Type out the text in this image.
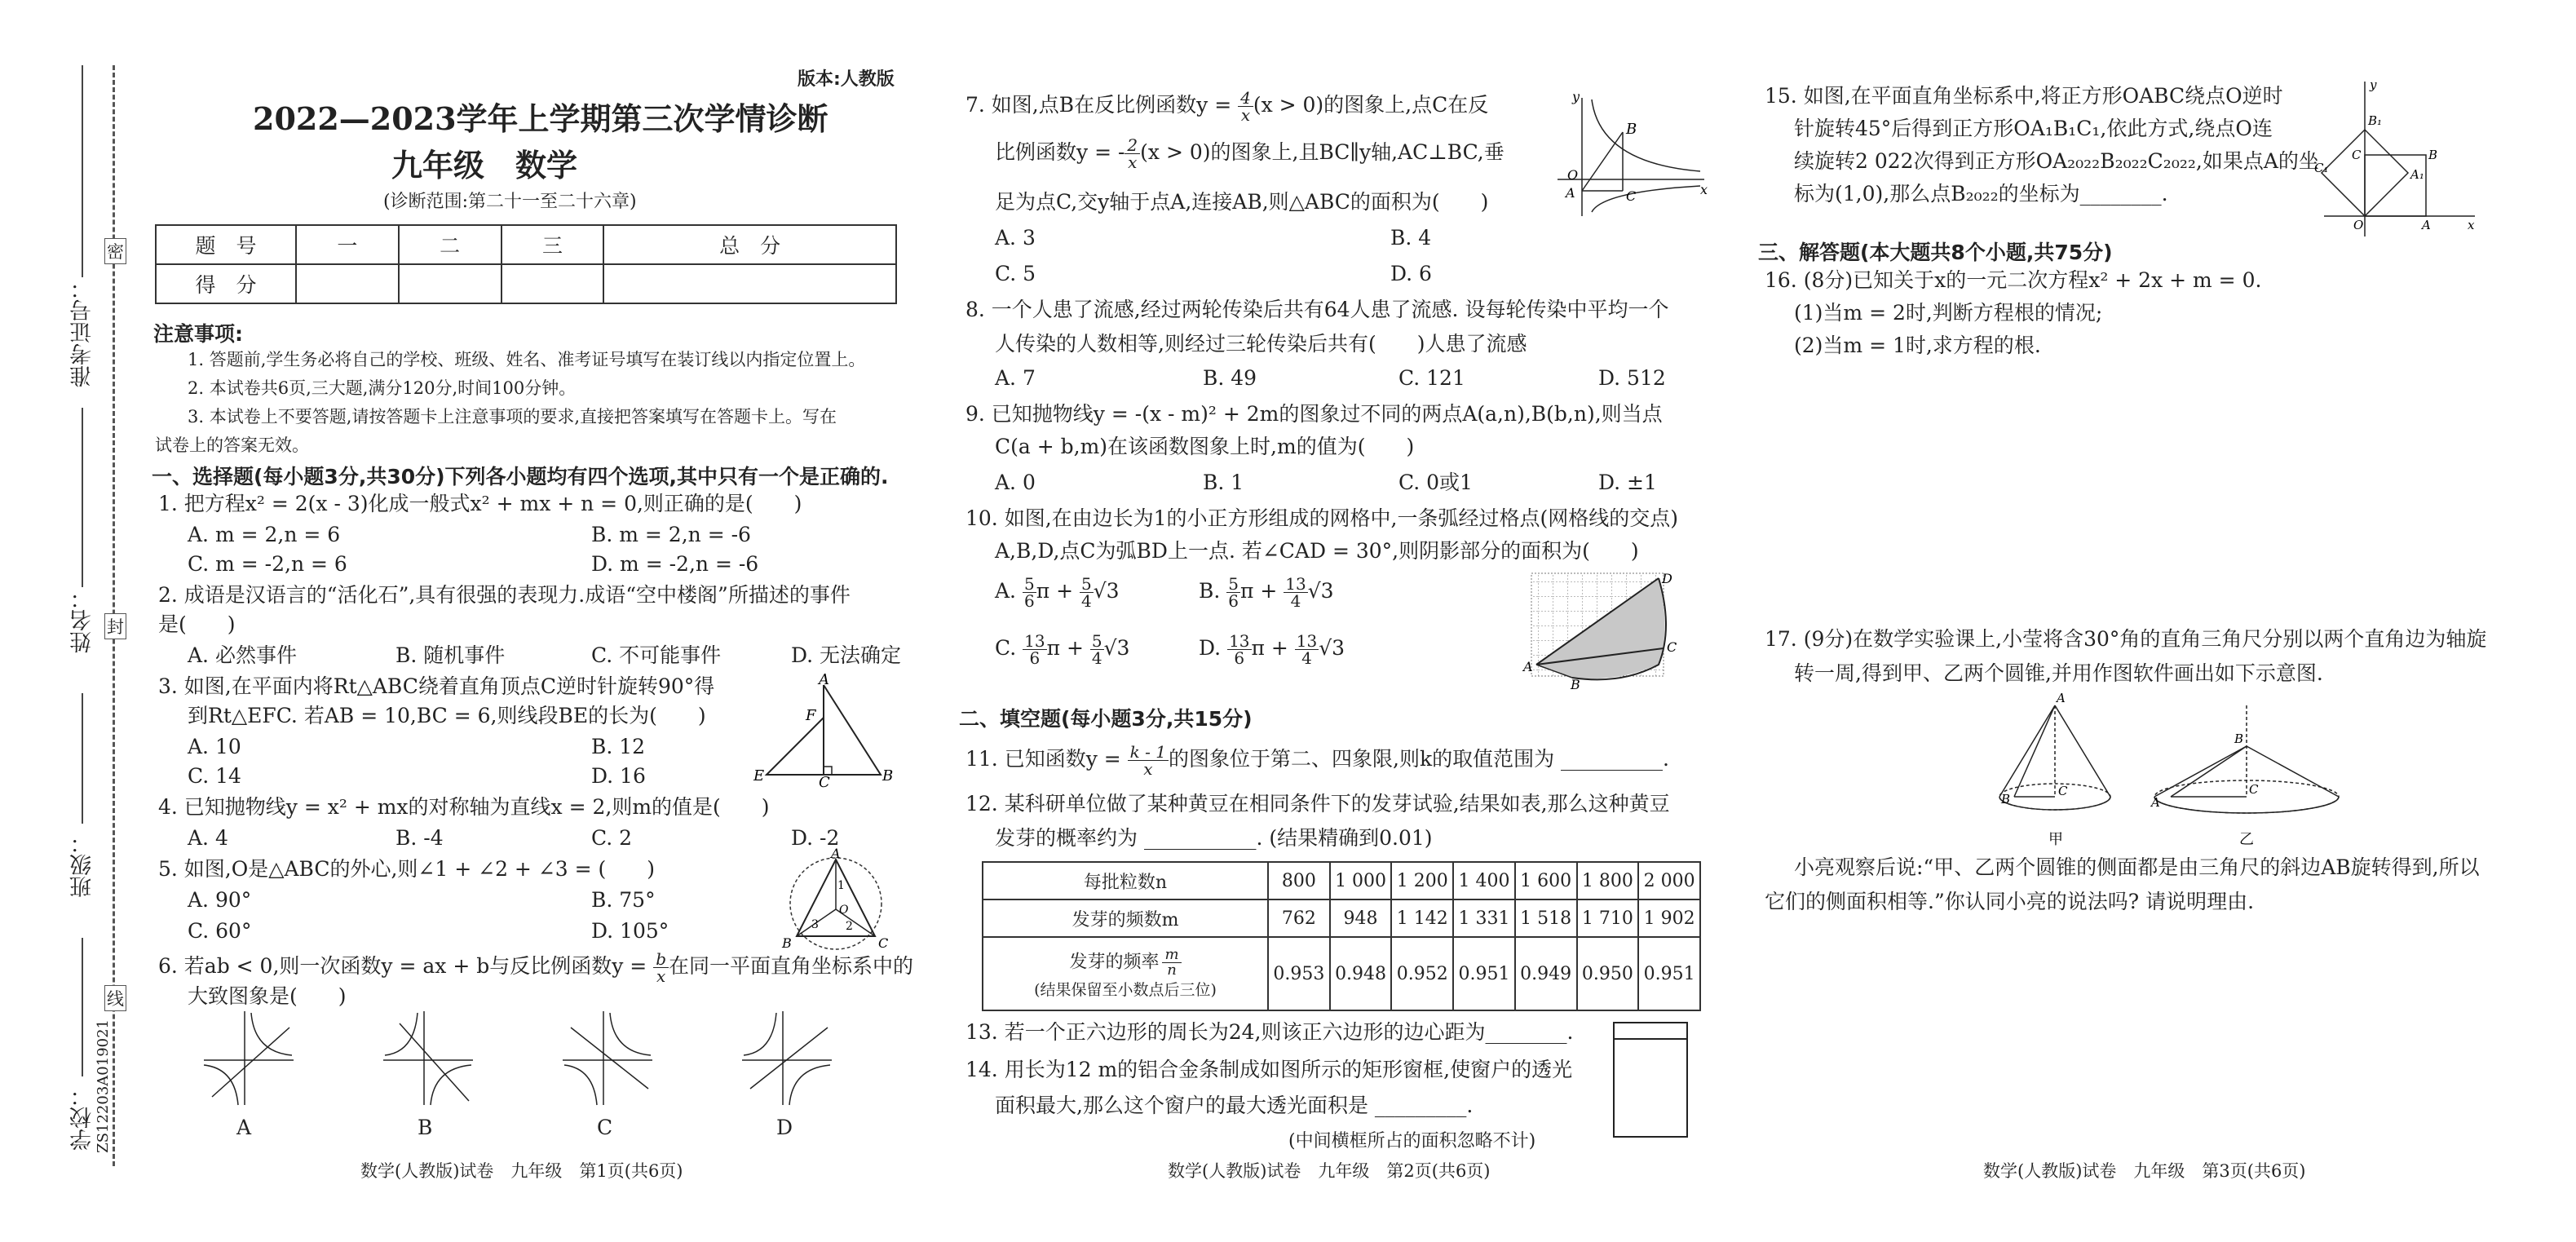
准考证号：
姓名：
班级：
学校： ZS12203A019021
密
封
线
版本:人教版
2022—2023学年上学期第三次学情诊断
九年级　数学
(诊断范围:第二十一至二十六章)
题　号	一	二	三	总　分
得　分				
注意事项:
1. 答题前,学生务必将自己的学校、班级、姓名、准考证号填写在装订线以内指定位置上。
2. 本试卷共6页,三大题,满分120分,时间100分钟。
3. 本试卷上不要答题,请按答题卡上注意事项的要求,直接把答案填写在答题卡上。写在
试卷上的答案无效。
一、选择题(每小题3分,共30分)下列各小题均有四个选项,其中只有一个是正确的.
1. 把方程x² = 2(x - 3)化成一般式x² + mx + n = 0,则正确的是(　　)
A. m = 2,n = 6	B. m = 2,n = -6
C. m = -2,n = 6	D. m = -2,n = -6
2. 成语是汉语言的“活化石”,具有很强的表现力.成语“空中楼阁”所描述的事件
是(　　)
A. 必然事件	B. 随机事件	C. 不可能事件	D. 无法确定
3. 如图,在平面内将Rt△ABC绕着直角顶点C逆时针旋转90°得
到Rt△EFC. 若AB = 10,BC = 6,则线段BE的长为(　　)
A. 10	B. 12
C. 14	D. 16
A
F
E	C	B
4. 已知抛物线y = x² + mx的对称轴为直线x = 2,则m的值是(　　)
A. 4	B. -4	C. 2	D. -2
5. 如图,O是△ABC的外心,则∠1 + ∠2 + ∠3 = (　　)
A. 90°	B. 75°
C. 60°	D. 105°
A
B	C
O
1
2
3
6. 若ab < 0,则一次函数y = ax + b与反比例函数$y = \frac{b}{x}$ 在同一平面直角坐标系中的
大致图象是(　　)
A	B	C	D
数学(人教版)试卷　九年级　第1页(共6页)
7. 如图,点B在反比例函数$y = \frac{4}{x} (x > 0)$的图象上,点C在反
比例函数y = - $\frac{2}{x} (x > 0)$的图象上,且BC∥y轴,AC⊥BC,垂
足为点C,交y轴于点A,连接AB,则△ABC的面积为(　　)
A. 3	B. 4
C. 5	D. 6
y
B
O
A	C	x
8. 一个人患了流感,经过两轮传染后共有64人患了流感. 设每轮传染中平均一个
人传染的人数相等,则经过三轮传染后共有(　　)人患了流感
A. 7	B. 49	C. 121	D. 512
9. 已知抛物线y = -(x - m)² + 2m的图象过不同的两点A(a,n),B(b,n),则当点
C(a + b,m)在该函数图象上时,m的值为(　　)
A. 0	B. 1	C. 0或1	D. ±1
10. 如图,在由边长为1的小正方形组成的网格中,一条弧经过格点(网格线的交点)
A,B,D,点C为弧BD上一点. 若∠CAD = 30°,则阴影部分的面积为(　　)
A. $\frac{5}{6}$ $\pi + \frac{5}{4} √3$	B. $\frac{5}{6}$ $\pi + \frac{13}{4} √3$
C. $\frac{13}{6}$ $\pi + \frac{5}{4} √3$	D. $\frac{13}{6}$ $\pi + \frac{13}{4} √3$
D
A
B
C
二、填空题(每小题3分,共15分)
11. 已知函数$y = \frac{k - 1}{x}$ 的图象位于第二、四象限,则k的取值范围为 __________.
12. 某科研单位做了某种黄豆在相同条件下的发芽试验,结果如表,那么这种黄豆
发芽的概率约为 ___________. (结果精确到0.01)
每批粒数n	800	1 000	1 200	1 400	1 600	1 800	2 000
发芽的频数m	762	948	1 142	1 331	1 518	1 710	1 902

发芽的频率 $\frac{m}{n}$
(结果保留至小数点后三位)	0.953	0.948	0.952	0.951	0.949	0.950	0.951
13. 若一个正六边形的周长为24,则该正六边形的边心距为________.
14. 用长为12 m的铝合金条制成如图所示的矩形窗框,使窗户的透光
面积最大,那么这个窗户的最大透光面积是 _________.
(中间横框所占的面积忽略不计)
数学(人教版)试卷　九年级　第2页(共6页)
15. 如图,在平面直角坐标系中,将正方形OABC绕点O逆时
针旋转45°后得到正方形OA₁B₁C₁,依此方式,绕点O连
续旋转2 022次得到正方形OA₂₀₂₂B₂₀₂₂C₂₀₂₂,如果点A的坐
标为(1,0),那么点B₂₀₂₂的坐标为________.
y
B₁
C₁
C	B
A₁
O	A	x
三、解答题(本大题共8个小题,共75分)
16. (8分)已知关于x的一元二次方程x² + 2x + m = 0.
(1)当m = 2时,判断方程根的情况;
(2)当m = 1时,求方程的根.
17. (9分)在数学实验课上,小莹将含30°角的直角三角尺分别以两个直角边为轴旋
转一周,得到甲、乙两个圆锥,并用作图软件画出如下示意图.
A
B
C
甲
A
B
C
乙
小亮观察后说:“甲、乙两个圆锥的侧面都是由三角尺的斜边AB旋转得到,所以
它们的侧面积相等.”你认同小亮的说法吗? 请说明理由.
数学(人教版)试卷　九年级　第3页(共6页)
